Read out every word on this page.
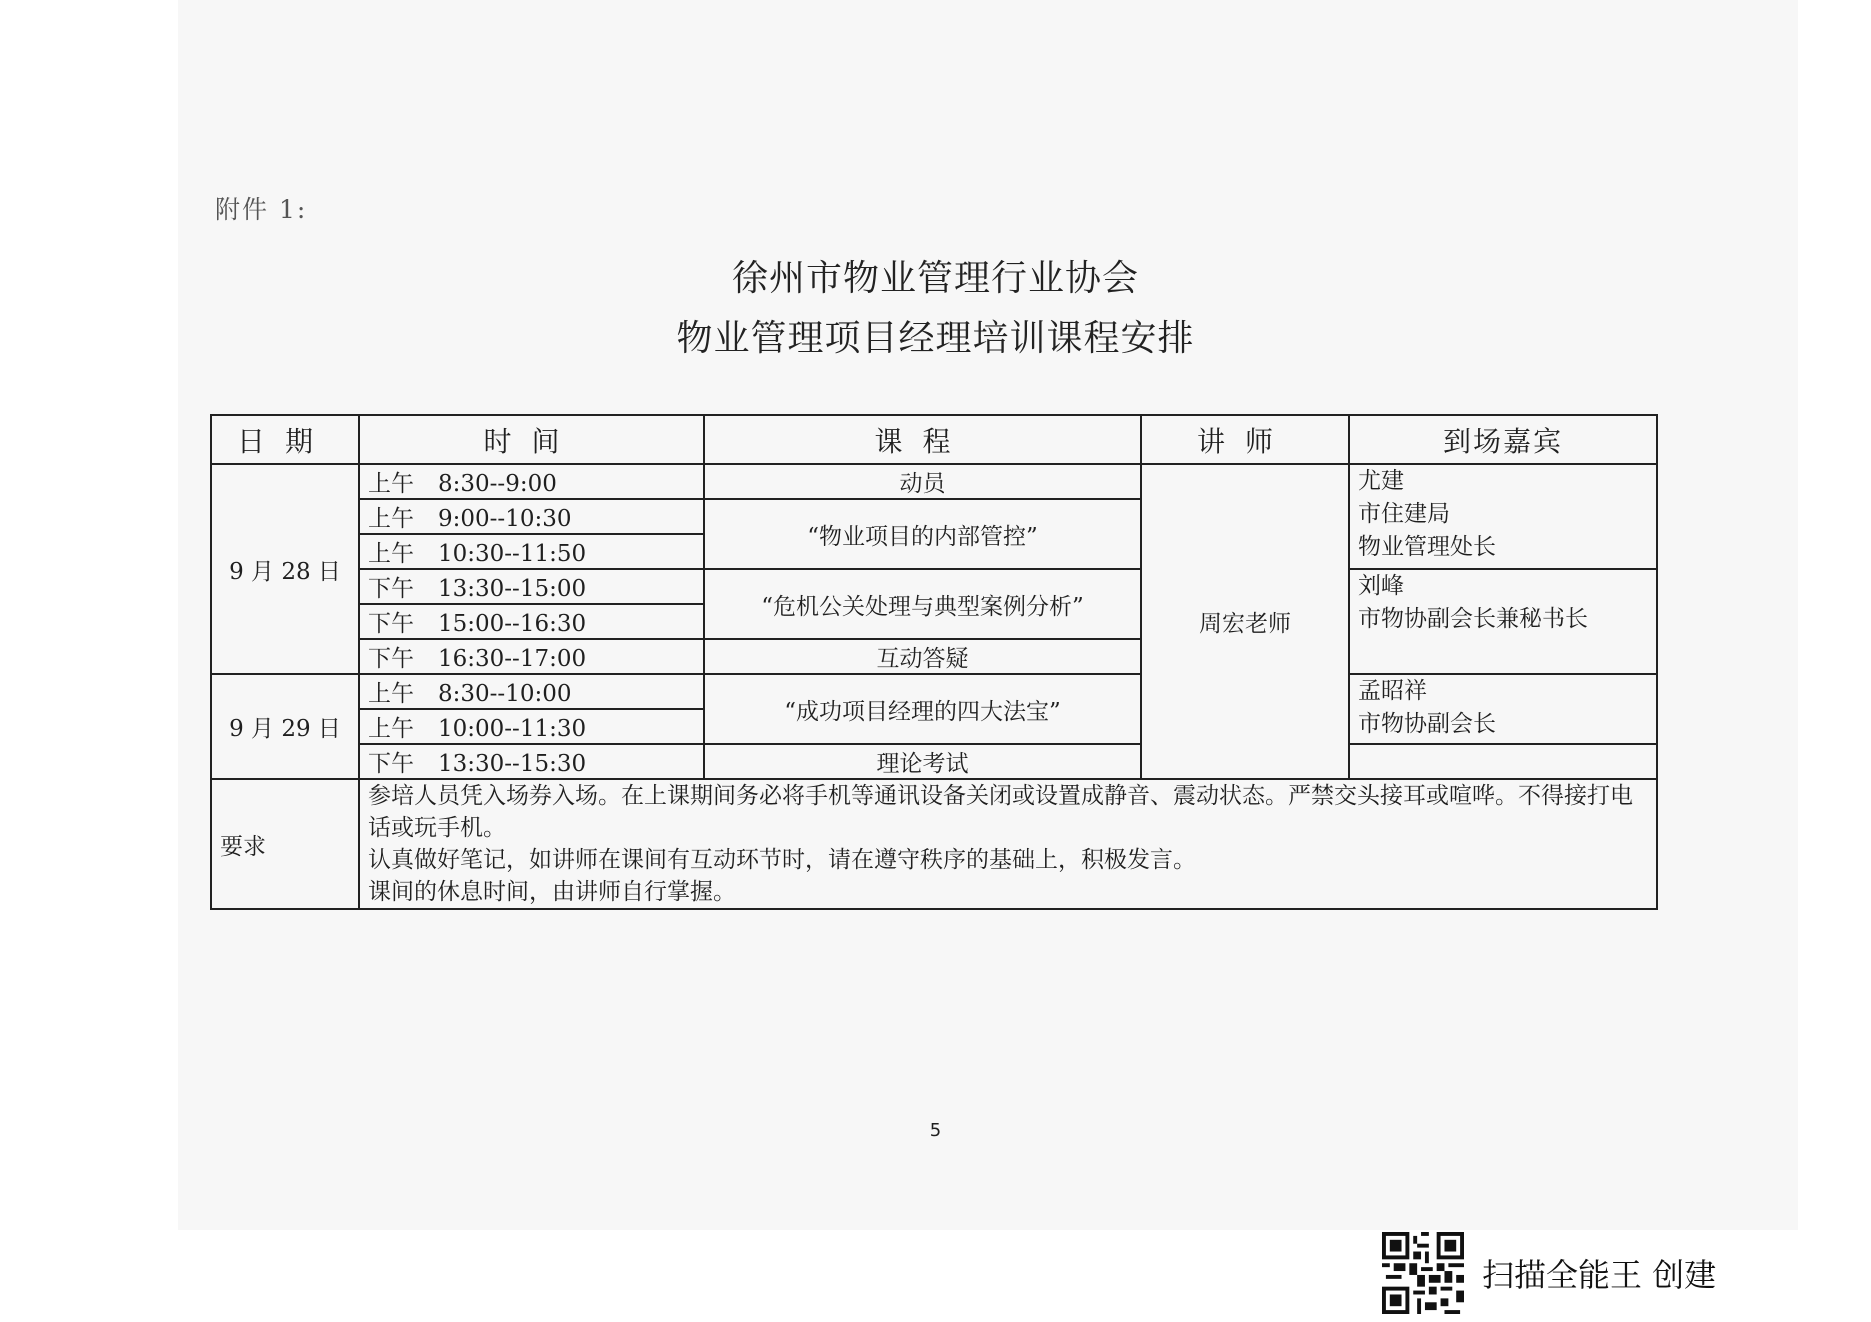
附件 1:
徐州市物业管理行业协会
物业管理项目经理培训课程安排
日期	时间	课程	讲师	到场嘉宾
9 月 28 日	上午 8:30--9:00	动员	周宏老师	尤建
市住建局
物业管理处长

	上午 9:00--10:30	“物业项目的内部管控”		
	上午 10:30--11:50			
	下午 13:30--15:00	“危机公关处理与典型案例分析”		刘峰
市物协副会长兼秘书长

	下午 15:00--16:30			
	下午 16:30--17:00	互动答疑		
9 月 29 日	上午 8:30--10:00	“成功项目经理的四大法宝”		孟昭祥
市物协副会长

	上午 10:00--11:30			
	下午 13:30--15:30	理论考试		
要求	参培人员凭入场券入场。在上课期间务必将手机等通讯设备关闭或设置成静音、震动状态。严禁交头接耳或喧哗。不得接打电话或玩手机。
认真做好笔记，如讲师在课间有互动环节时，请在遵守秩序的基础上，积极发言。
课间的休息时间，由讲师自行掌握。			
5
扫描全能王 创建
